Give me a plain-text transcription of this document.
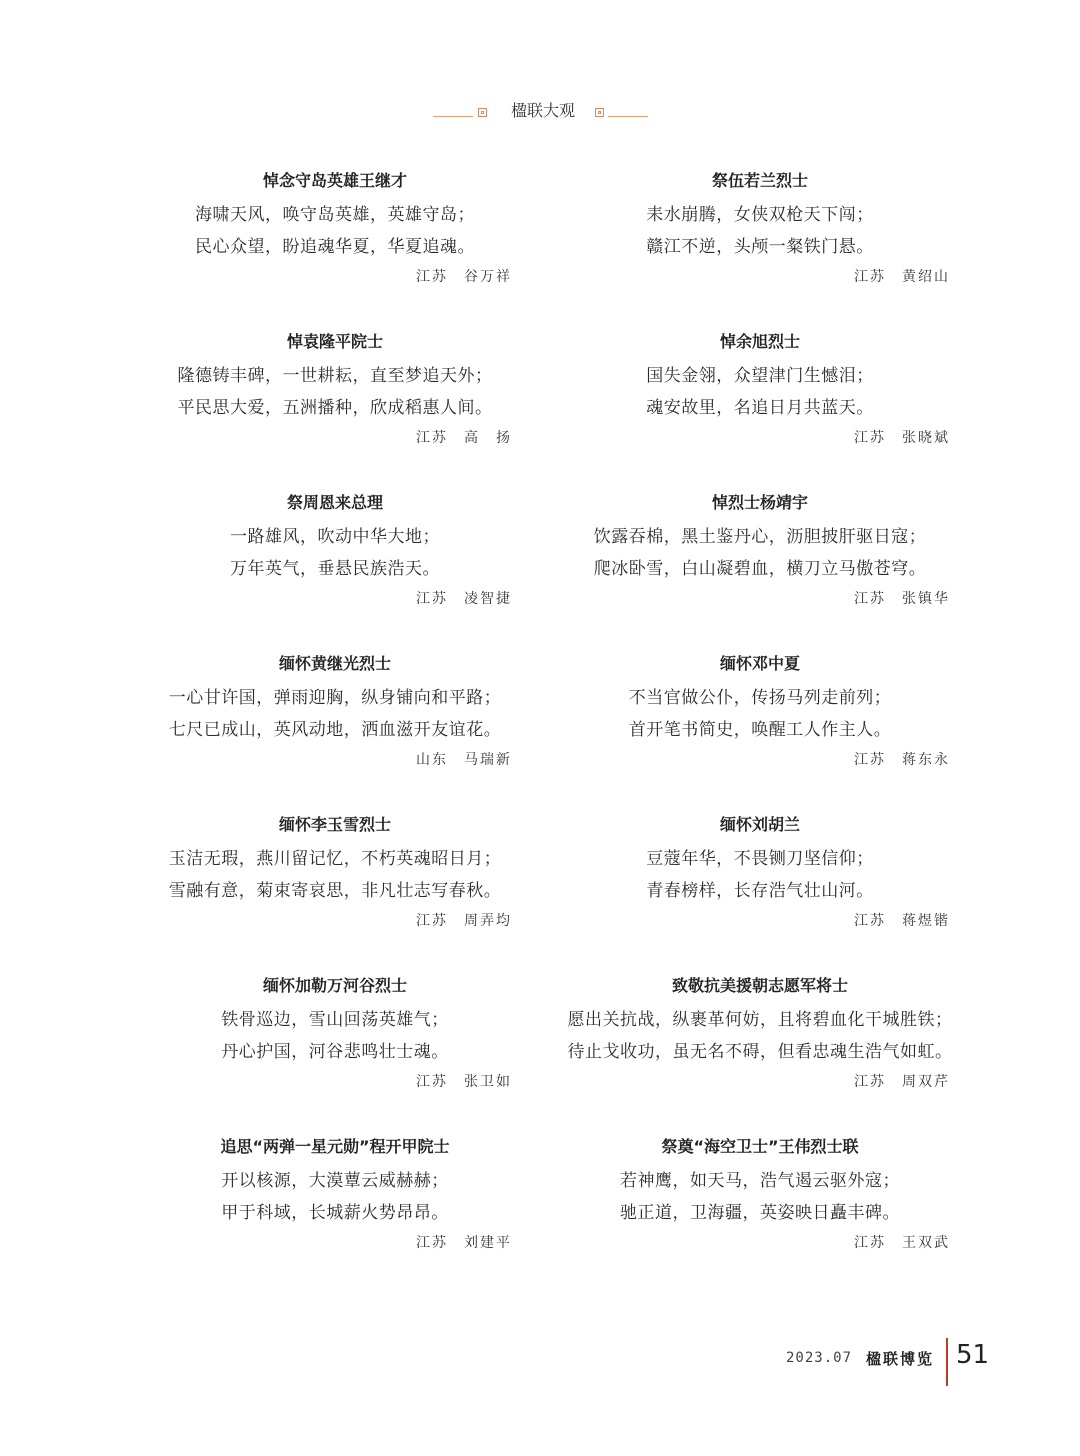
楹联大观
悼念守岛英雄王继才
海啸天风，唤守岛英雄，英雄守岛；
民心众望，盼追魂华夏，华夏追魂。
江苏　谷万祥
悼袁隆平院士
隆德铸丰碑，一世耕耘，直至梦追天外；
平民思大爱，五洲播种，欣成稻惠人间。
江苏　高　扬
祭周恩来总理
一路雄风，吹动中华大地；
万年英气，垂悬民族浩天。
江苏　凌智捷
缅怀黄继光烈士
一心甘许国，弹雨迎胸，纵身铺向和平路；
七尺已成山，英风动地，洒血滋开友谊花。
山东　马瑞新
缅怀李玉雪烈士
玉洁无瑕，燕川留记忆，不朽英魂昭日月；
雪融有意，菊束寄哀思，非凡壮志写春秋。
江苏　周弄均
缅怀加勒万河谷烈士
铁骨巡边，雪山回荡英雄气；
丹心护国，河谷悲鸣壮士魂。
江苏　张卫如
追思“两弹一星元勋”程开甲院士
开以核源，大漠蕈云威赫赫；
甲于科域，长城薪火势昂昂。
江苏　刘建平
祭伍若兰烈士
耒水崩腾，女侠双枪天下闯；
赣江不逆，头颅一粲铁门悬。
江苏　黄绍山
悼余旭烈士
国失金翎，众望津门生憾泪；
魂安故里，名追日月共蓝天。
江苏　张晓斌
悼烈士杨靖宇
饮露吞棉，黑土鉴丹心，沥胆披肝驱日寇；
爬冰卧雪，白山凝碧血，横刀立马傲苍穹。
江苏　张镇华
缅怀邓中夏
不当官做公仆，传扬马列走前列；
首开笔书简史，唤醒工人作主人。
江苏　蒋东永
缅怀刘胡兰
豆蔻年华，不畏铡刀坚信仰；
青春榜样，长存浩气壮山河。
江苏　蒋煜锴
致敬抗美援朝志愿军将士
愿出关抗战，纵裹革何妨，且将碧血化干城胜铁；
待止戈收功，虽无名不碍，但看忠魂生浩气如虹。
江苏　周双芹
祭奠“海空卫士”王伟烈士联
若神鹰，如天马，浩气遏云驱外寇；
驰正道，卫海疆，英姿映日矗丰碑。
江苏　王双武
2023.07 楹联博览 51
